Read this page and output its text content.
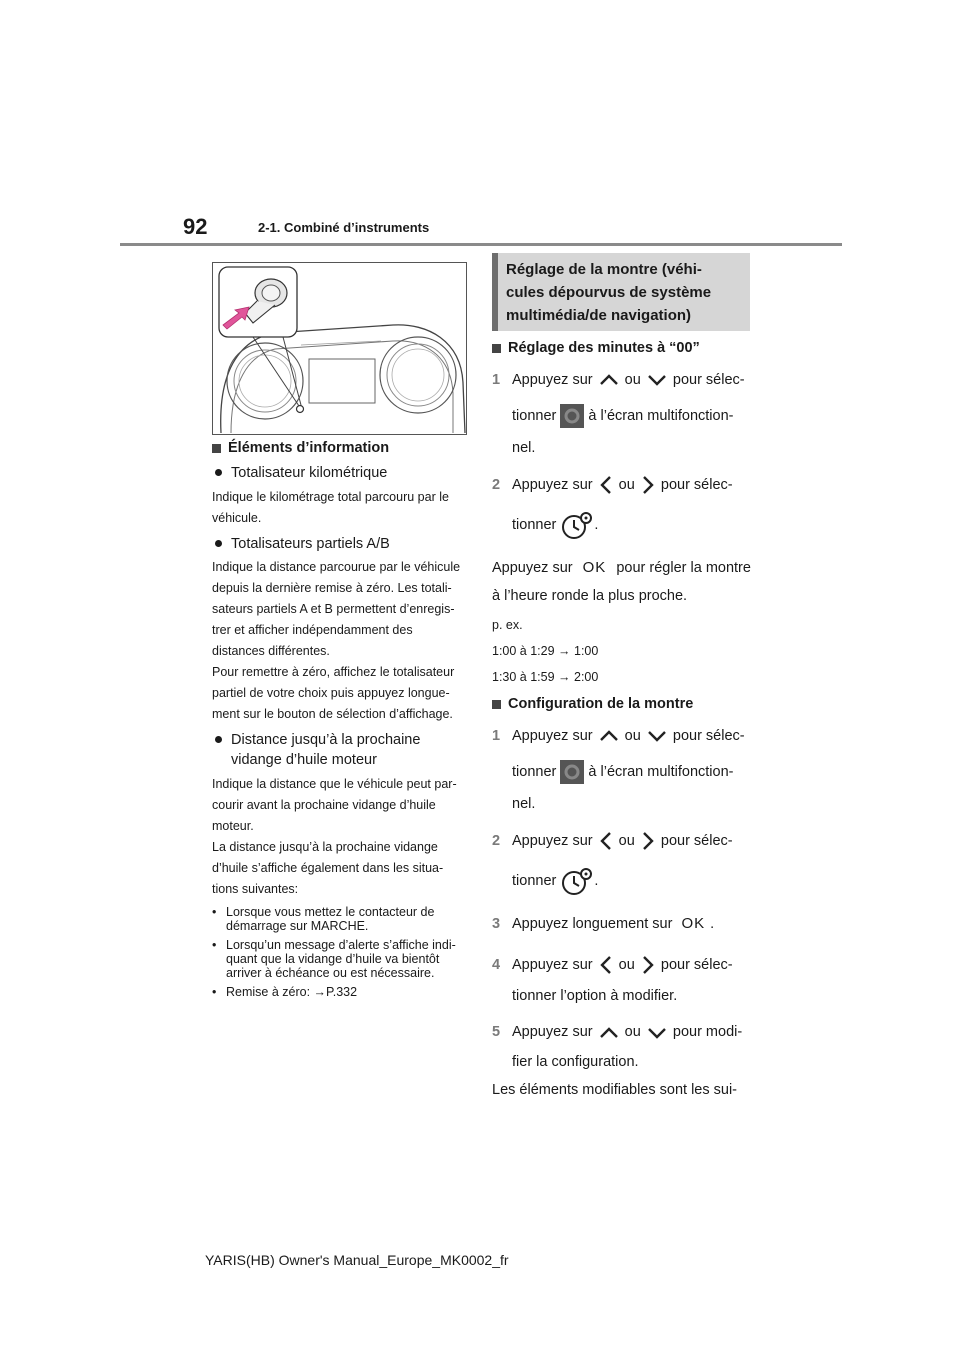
92	2-1. Combiné d’instruments
Éléments d’information
Totalisateur kilométrique
Indique le kilométrage total parcouru par le
véhicule.
Totalisateurs partiels A/B
Indique la distance parcourue par le véhicule
depuis la dernière remise à zéro. Les totali-
sateurs partiels A et B permettent d’enregis-
trer et afficher indépendamment des
distances différentes.
Pour remettre à zéro, affichez le totalisateur
partiel de votre choix puis appuyez longue-
ment sur le bouton de sélection d’affichage.
Distance jusqu’à la prochaine
vidange d’huile moteur
Indique la distance que le véhicule peut par-
courir avant la prochaine vidange d’huile
moteur.
La distance jusqu’à la prochaine vidange
d’huile s’affiche également dans les situa-
tions suivantes:
• Lorsque vous mettez le contacteur de
démarrage sur MARCHE.
• Lorsqu’un message d’alerte s’affiche indi-
quant que la vidange d’huile va bientôt
arriver à échéance ou est nécessaire.
• Remise à zéro: →P.332
Réglage de la montre (véhi-
cules dépourvus de système
multimédia/de navigation)
Réglage des minutes à “00”
1 Appuyez sur ou pour sélec-
tionner à l’écran multifonction-
nel.
2 Appuyez sur ou pour sélec-
tionner	.
Appuyez sur OK pour régler la montre
à l’heure ronde la plus proche.
p. ex.
1:00 à 1:29 → 1:00
1:30 à 1:59 → 2:00
Configuration de la montre
1 Appuyez sur ou pour sélec-
tionner à l’écran multifonction-
nel.
2 Appuyez sur ou pour sélec-
tionner	.
3 Appuyez longuement sur OK .
4 Appuyez sur ou pour sélec-
tionner l’option à modifier.
5 Appuyez sur ou pour modi-
fier la configuration.
Les éléments modifiables sont les sui-
YARIS(HB) Owner's Manual_Europe_MK0002_fr
